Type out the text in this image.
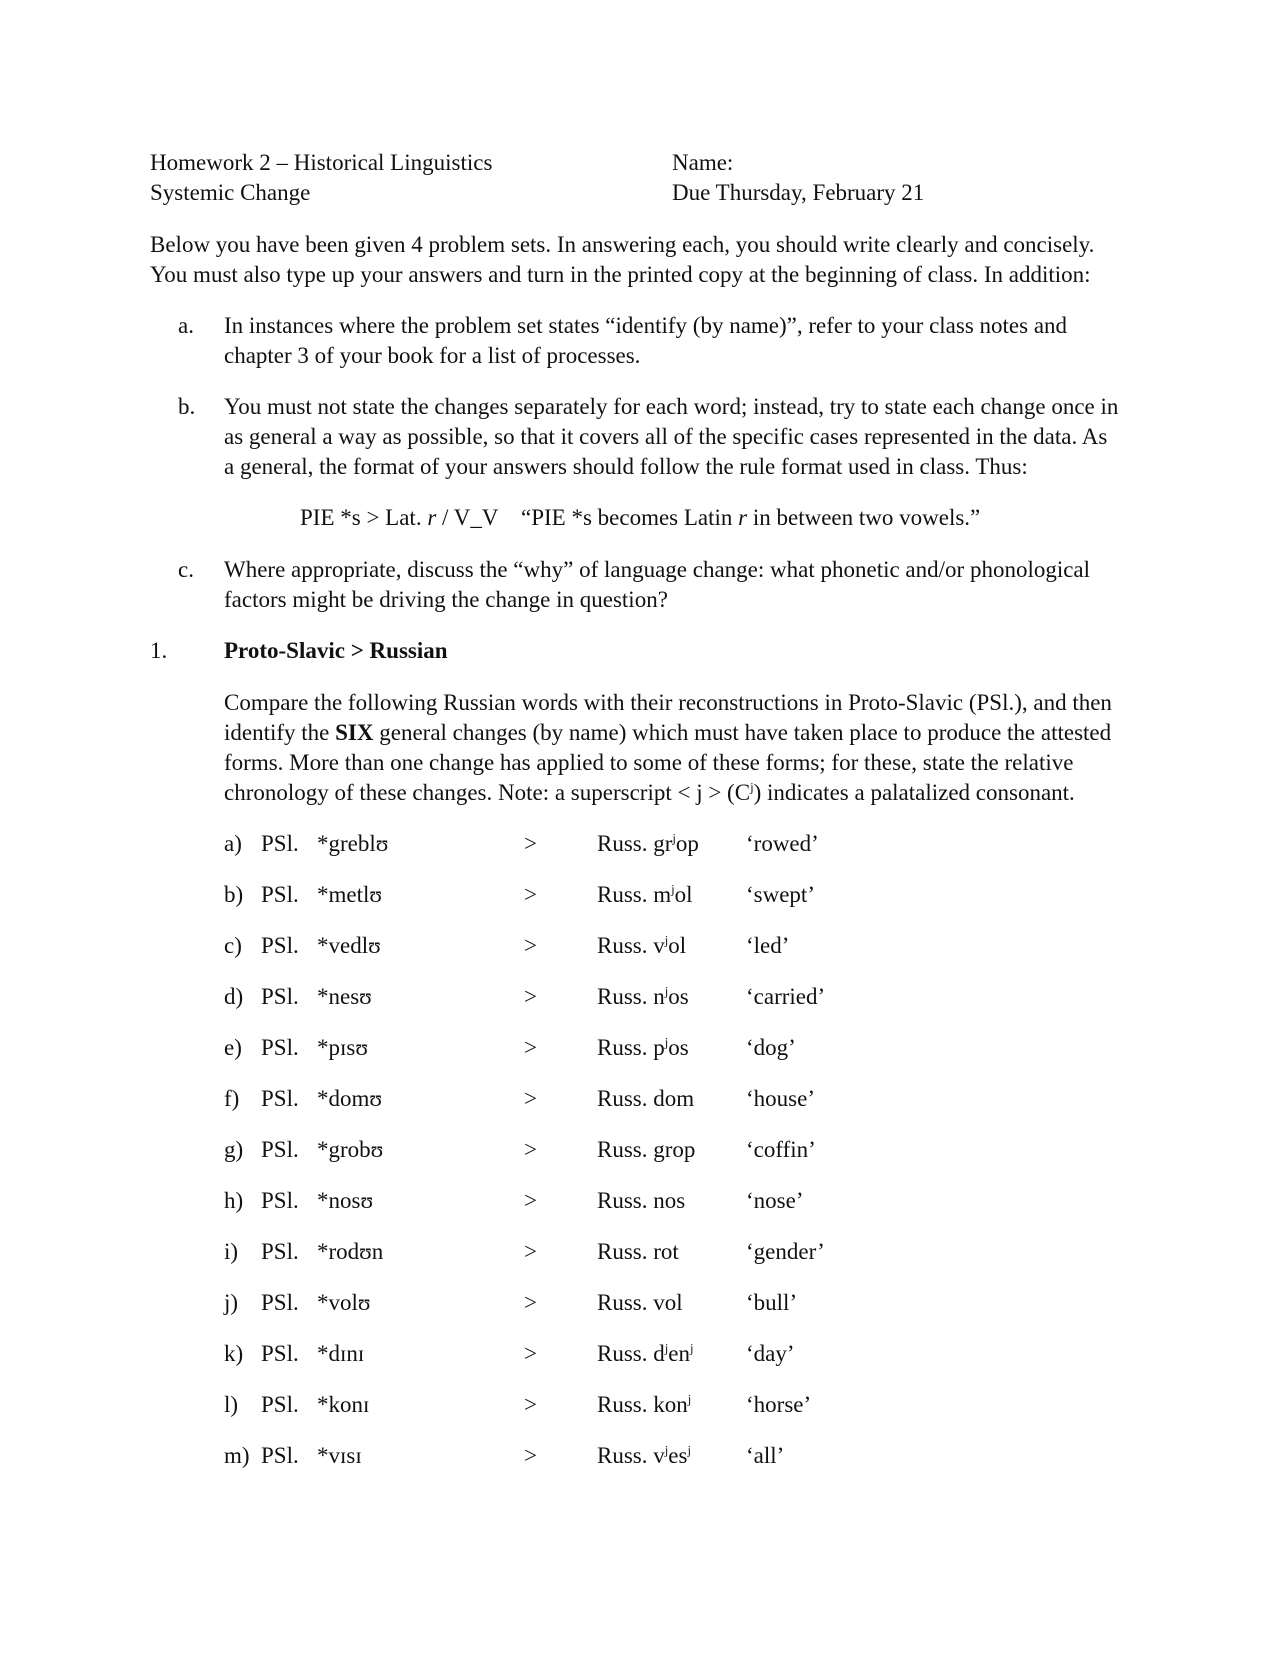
Homework 2 – Historical Linguistics
Systemic Change
Name:
Due Thursday, February 21
Below you have been given 4 problem sets. In answering each, you should write clearly and concisely.
You must also type up your answers and turn in the printed copy at the beginning of class. In addition:
a. In instances where the problem set states “identify (by name)”, refer to your class notes and
chapter 3 of your book for a list of processes.
b. You must not state the changes separately for each word; instead, try to state each change once in
as general a way as possible, so that it covers all of the specific cases represented in the data. As
a general, the format of your answers should follow the rule format used in class. Thus:
PIE *s > Lat. r / V_V “PIE *s becomes Latin r in between two vowels.”
c. Where appropriate, discuss the “why” of language change: what phonetic and/or phonological
factors might be driving the change in question?
1. Proto-Slavic > Russian
Compare the following Russian words with their reconstructions in Proto-Slavic (PSl.), and then
identify the SIX general changes (by name) which must have taken place to produce the attested
forms. More than one change has applied to some of these forms; for these, state the relative
chronology of these changes. Note: a superscript < $j > (C^j)$ indicates a palatalized consonant.
a) PSl. *greblʊ	>	Russ. $gr^jop$ ‘rowed’
b) PSl. *metlʊ	>	Russ. $m^jol$ ‘swept’
c) PSl. *vedlʊ	>	Russ. $v^jol$	‘led’
d) PSl. *nesʊ	>	Russ. $n^jos$ ‘carried’
e) PSl. *pɪsʊ	>	Russ. $p^jos$ ‘dog’
f) PSl. *domʊ	>	Russ. dom ‘house’
g) PSl. *grobʊ	>	Russ. grop ‘coffin’
h) PSl. *nosʊ	>	Russ. nos	‘nose’
i) PSl. *rodʊn	>	Russ. rot	‘gender’
j) PSl. *volʊ	>	Russ. vol	‘bull’
k) PSl. *dɪnɪ	>	Russ. $d^jen^j$ ‘day’
l) PSl. *konɪ	>	Russ. kon$^j$ ‘horse’
m) PSl. *vɪsɪ	>	Russ. $v^jes^j$ ‘all’
